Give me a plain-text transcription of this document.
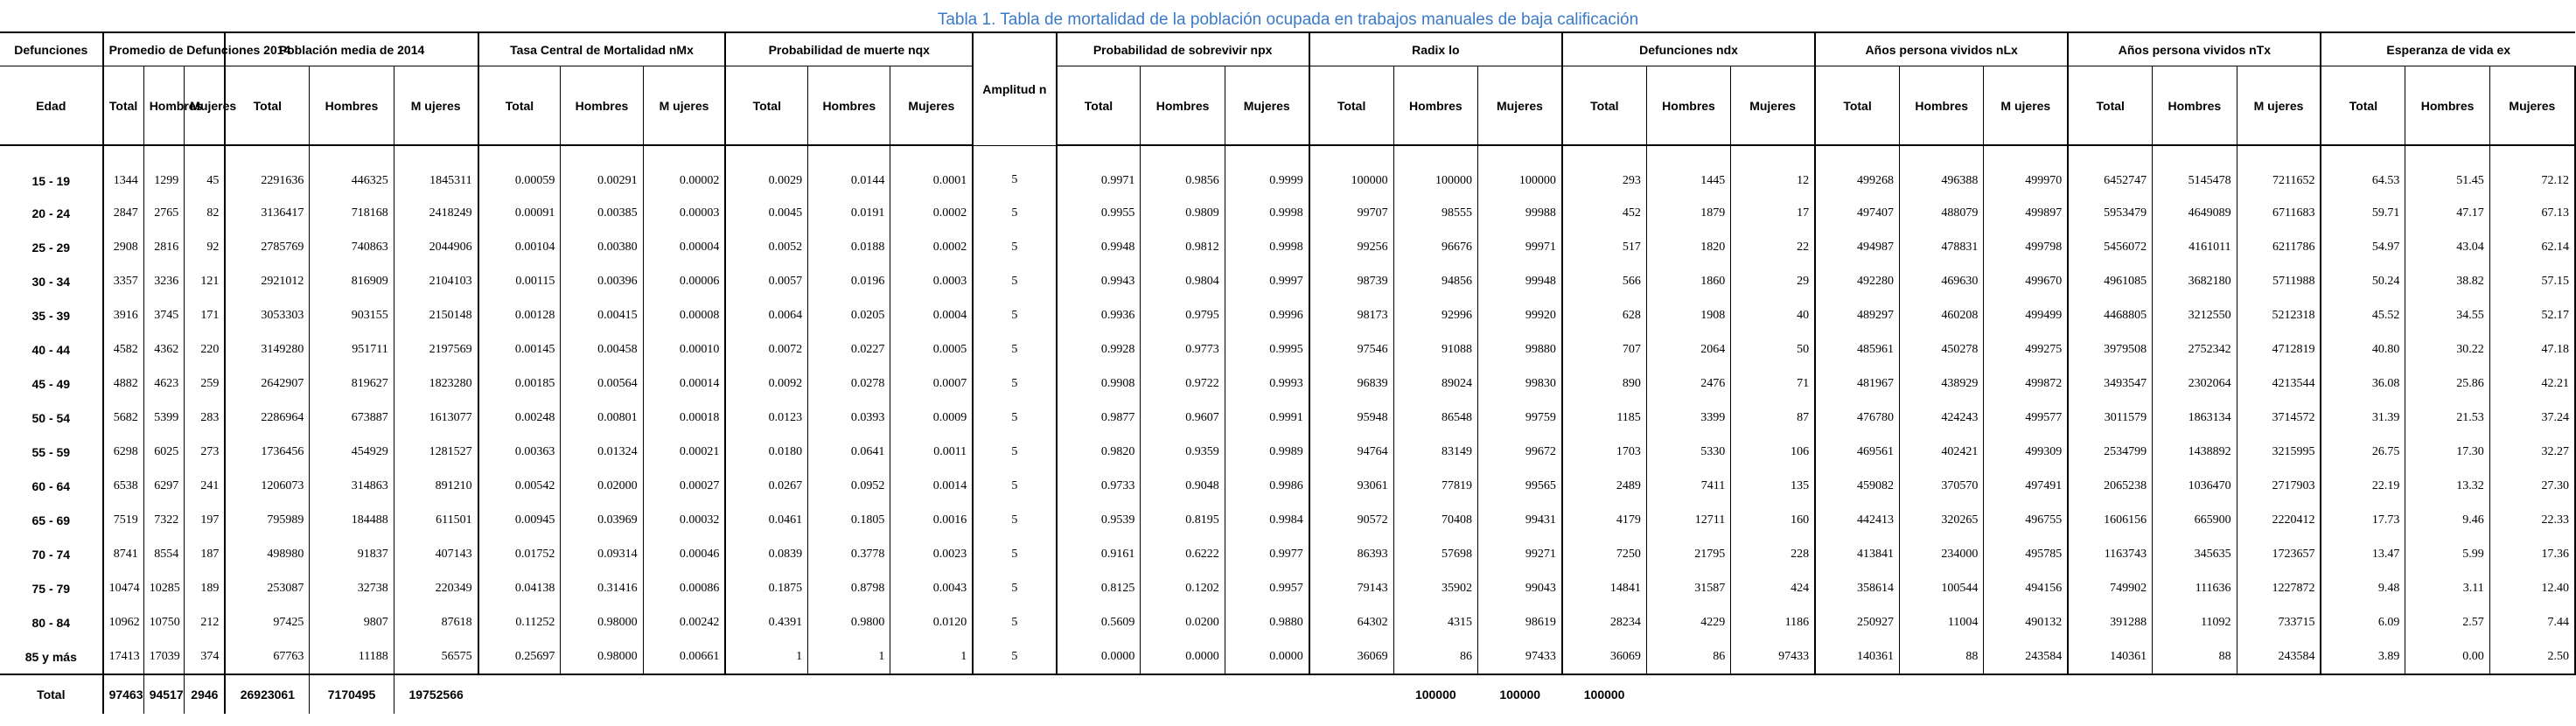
Tabla 1. Tabla de mortalidad de la población ocupada en trabajos manuales de baja calificación
Defunciones	Promedio de Defunciones 2014			Población media de 2014			Tasa Central de Mortalidad nMx			Probabilidad de muerte nqx			Amplitud n	Probabilidad de sobrevivir npx			Radix lo			Defunciones ndx			Años persona vividos nLx			Años persona vividos nTx			Esperanza de vida ex		
Edad	Total	Hombres	Mujeres	Total	Hombres	M ujeres	Total	Hombres	M ujeres	Total	Hombres	Mujeres		Total	Hombres	Mujeres	Total	Hombres	Mujeres	Total	Hombres	Mujeres	Total	Hombres	M ujeres	Total	Hombres	M ujeres	Total	Hombres	Mujeres
15 - 19	1344	1299	45	2291636	446325	1845311	0.00059	0.00291	0.00002	0.0029	0.0144	0.0001	5	0.9971	0.9856	0.9999	100000	100000	100000	293	1445	12	499268	496388	499970	6452747	5145478	7211652	64.53	51.45	72.12
20 - 24	2847	2765	82	3136417	718168	2418249	0.00091	0.00385	0.00003	0.0045	0.0191	0.0002	5	0.9955	0.9809	0.9998	99707	98555	99988	452	1879	17	497407	488079	499897	5953479	4649089	6711683	59.71	47.17	67.13
25 - 29	2908	2816	92	2785769	740863	2044906	0.00104	0.00380	0.00004	0.0052	0.0188	0.0002	5	0.9948	0.9812	0.9998	99256	96676	99971	517	1820	22	494987	478831	499798	5456072	4161011	6211786	54.97	43.04	62.14
30 - 34	3357	3236	121	2921012	816909	2104103	0.00115	0.00396	0.00006	0.0057	0.0196	0.0003	5	0.9943	0.9804	0.9997	98739	94856	99948	566	1860	29	492280	469630	499670	4961085	3682180	5711988	50.24	38.82	57.15
35 - 39	3916	3745	171	3053303	903155	2150148	0.00128	0.00415	0.00008	0.0064	0.0205	0.0004	5	0.9936	0.9795	0.9996	98173	92996	99920	628	1908	40	489297	460208	499499	4468805	3212550	5212318	45.52	34.55	52.17
40 - 44	4582	4362	220	3149280	951711	2197569	0.00145	0.00458	0.00010	0.0072	0.0227	0.0005	5	0.9928	0.9773	0.9995	97546	91088	99880	707	2064	50	485961	450278	499275	3979508	2752342	4712819	40.80	30.22	47.18
45 - 49	4882	4623	259	2642907	819627	1823280	0.00185	0.00564	0.00014	0.0092	0.0278	0.0007	5	0.9908	0.9722	0.9993	96839	89024	99830	890	2476	71	481967	438929	499872	3493547	2302064	4213544	36.08	25.86	42.21
50 - 54	5682	5399	283	2286964	673887	1613077	0.00248	0.00801	0.00018	0.0123	0.0393	0.0009	5	0.9877	0.9607	0.9991	95948	86548	99759	1185	3399	87	476780	424243	499577	3011579	1863134	3714572	31.39	21.53	37.24
55 - 59	6298	6025	273	1736456	454929	1281527	0.00363	0.01324	0.00021	0.0180	0.0641	0.0011	5	0.9820	0.9359	0.9989	94764	83149	99672	1703	5330	106	469561	402421	499309	2534799	1438892	3215995	26.75	17.30	32.27
60 - 64	6538	6297	241	1206073	314863	891210	0.00542	0.02000	0.00027	0.0267	0.0952	0.0014	5	0.9733	0.9048	0.9986	93061	77819	99565	2489	7411	135	459082	370570	497491	2065238	1036470	2717903	22.19	13.32	27.30
65 - 69	7519	7322	197	795989	184488	611501	0.00945	0.03969	0.00032	0.0461	0.1805	0.0016	5	0.9539	0.8195	0.9984	90572	70408	99431	4179	12711	160	442413	320265	496755	1606156	665900	2220412	17.73	9.46	22.33
70 - 74	8741	8554	187	498980	91837	407143	0.01752	0.09314	0.00046	0.0839	0.3778	0.0023	5	0.9161	0.6222	0.9977	86393	57698	99271	7250	21795	228	413841	234000	495785	1163743	345635	1723657	13.47	5.99	17.36
75 - 79	10474	10285	189	253087	32738	220349	0.04138	0.31416	0.00086	0.1875	0.8798	0.0043	5	0.8125	0.1202	0.9957	79143	35902	99043	14841	31587	424	358614	100544	494156	749902	111636	1227872	9.48	3.11	12.40
80 - 84	10962	10750	212	97425	9807	87618	0.11252	0.98000	0.00242	0.4391	0.9800	0.0120	5	0.5609	0.0200	0.9880	64302	4315	98619	28234	4229	1186	250927	11004	490132	391288	11092	733715	6.09	2.57	7.44
85 y más	17413	17039	374	67763	11188	56575	0.25697	0.98000	0.00661	1	1	1	5	0.0000	0.0000	0.0000	36069	86	97433	36069	86	97433	140361	88	243584	140361	88	243584	3.89	0.00	2.50
Total	97463	94517	2946	26923061	7170495	19752566												100000	100000	100000											
